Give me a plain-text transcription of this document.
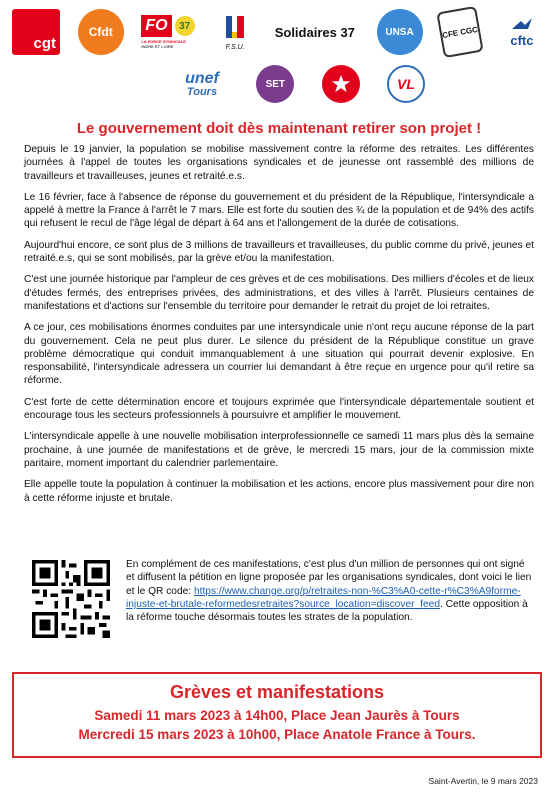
cgt
Cfdt FO	37
LA FORCE SYNDICALE
INDRE ET LOIRE	F.S.U.
Solidaires 37	UNSA	CFE CGC
cftc
unef
Tours
SET	VL
Le gouvernement doit dès maintenant retirer son projet !

Depuis le 19 janvier, la population se mobilise massivement contre la réforme des retraites. Les différentes journées à l'appel de toutes les organisations syndicales et de jeunesse ont rassemblé des millions de travailleurs et travailleuses, jeunes et retraité.e.s.

Le 16 février, face à l'absence de réponse du gouvernement et du président de la République, l'intersyndicale a appelé à mettre la France à l'arrêt le 7 mars. Elle est forte du soutien des ¾ de la population et de 94% des actifs qui refusent le recul de l'âge légal de départ à 64 ans et l'allongement de la durée de cotisations.

Aujourd'hui encore, ce sont plus de 3 millions de travailleurs et travailleuses, du public comme du privé, jeunes et retraité.e.s, qui se sont mobilisés, par la grève et/ou la manifestation.

C'est une journée historique par l'ampleur de ces grèves et de ces mobilisations. Des milliers d'écoles et de lieux d'études fermés, des entreprises privées, des administrations, et des villes à l'arrêt. Plusieurs centaines de manifestations et d'actions sur l'ensemble du territoire pour demander le retrait du projet de loi retraites.

A ce jour, ces mobilisations énormes conduites par une intersyndicale unie n'ont reçu aucune réponse de la part du gouvernement. Cela ne peut plus durer. Le silence du président de la République constitue un grave problème démocratique qui conduit immanquablement à une situation qui pourrait devenir explosive. En responsabilité, l'intersyndicale adressera un courrier lui demandant à être reçue en urgence pour qu'il retire sa réforme.

C'est forte de cette détermination encore et toujours exprimée que l'intersyndicale départementale soutient et encourage tous les secteurs professionnels à poursuivre et amplifier le mouvement.

L'intersyndicale appelle à une nouvelle mobilisation interprofessionnelle ce samedi 11 mars plus dès la semaine prochaine, à une journée de manifestations et de grève, le mercredi 15 mars, jour de la commission mixte paritaire, moment important du calendrier parlementaire.

Elle appelle toute la population à continuer la mobilisation et les actions, encore plus massivement pour dire non à cette réforme injuste et brutale.

En complément de ces manifestations, c'est plus d'un million de personnes qui ont signé et diffusent la pétition en ligne proposée par les organisations syndicales, dont voici le lien et le QR code: https://www.change.org/p/retraites-non-%C3%A0-cette-r%C3%A9forme-injuste-et-brutale-reformedesretraites?source_location=discover_feed. Cette opposition à la réforme touche désormais toutes les strates de la population.
Grèves et manifestations
Samedi 11 mars 2023 à 14h00, Place Jean Jaurès à Tours
Mercredi 15 mars 2023 à 10h00, Place Anatole France à Tours.
Saint-Avertin, le 9 mars 2023
